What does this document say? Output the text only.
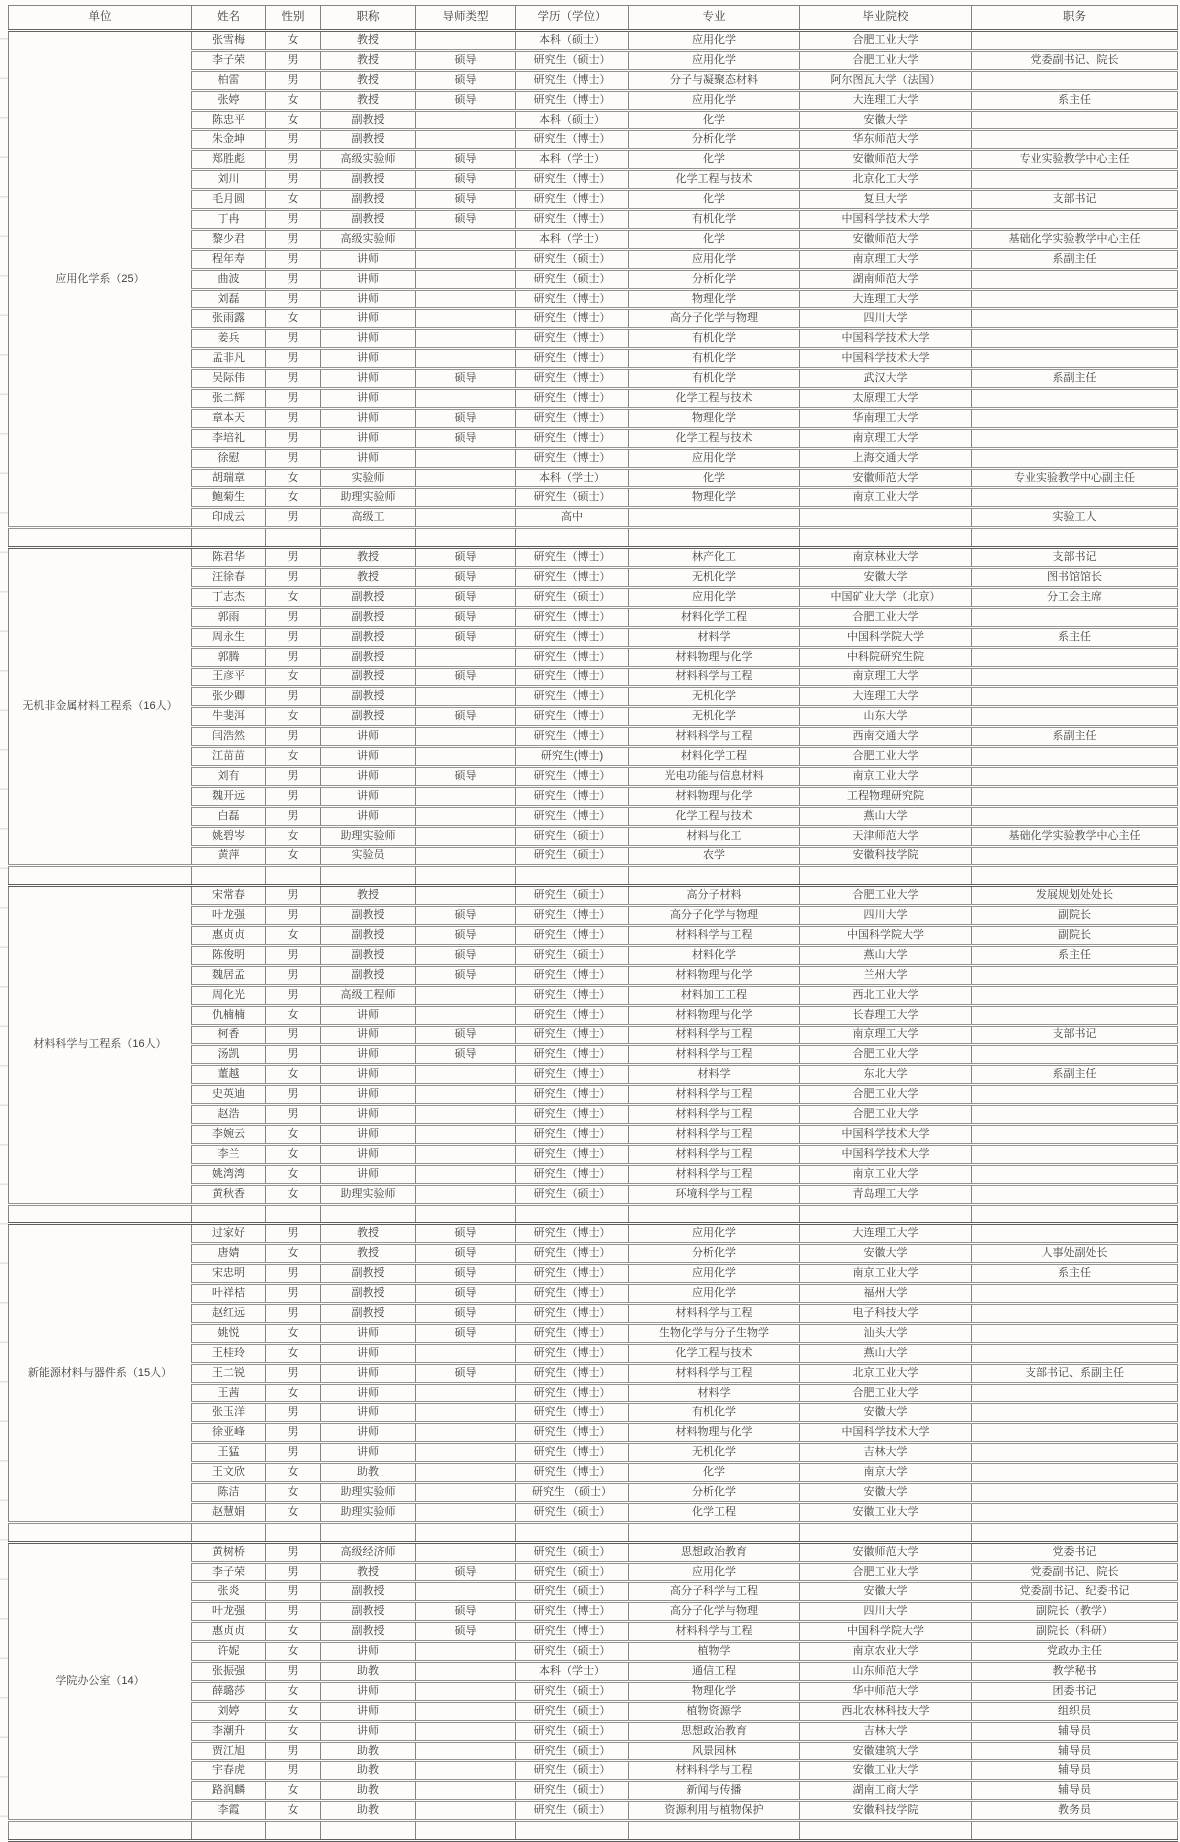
单位	姓名	性别	职称	导师类型	学历（学位）	专业	毕业院校	职务
应用化学系（25）	张雪梅	女	教授		本科（硕士）	应用化学	合肥工业大学	
	李子荣	男	教授	硕导	研究生（硕士）	应用化学	合肥工业大学	党委副书记、院长
	柏雷	男	教授	硕导	研究生（博士）	分子与凝聚态材料	阿尔图瓦大学（法国）	
	张婷	女	教授	硕导	研究生（博士）	应用化学	大连理工大学	系主任
	陈忠平	女	副教授		本科（硕士）	化学	安徽大学	
	朱金坤	男	副教授		研究生（博士）	分析化学	华东师范大学	
	郑胜彪	男	高级实验师	硕导	本科（学士）	化学	安徽师范大学	专业实验教学中心主任
	刘川	男	副教授	硕导	研究生（博士）	化学工程与技术	北京化工大学	
	毛月圆	女	副教授	硕导	研究生（博士）	化学	复旦大学	支部书记
	丁冉	男	副教授	硕导	研究生（博士）	有机化学	中国科学技术大学	
	黎少君	男	高级实验师		本科（学士）	化学	安徽师范大学	基础化学实验教学中心主任
	程年寿	男	讲师		研究生（硕士）	应用化学	南京理工大学	系副主任
	曲波	男	讲师		研究生（硕士）	分析化学	湖南师范大学	
	刘磊	男	讲师		研究生（博士）	物理化学	大连理工大学	
	张雨露	女	讲师		研究生（博士）	高分子化学与物理	四川大学	
	姜兵	男	讲师		研究生（博士）	有机化学	中国科学技术大学	
	孟非凡	男	讲师		研究生（博士）	有机化学	中国科学技术大学	
	吴际伟	男	讲师	硕导	研究生（博士）	有机化学	武汉大学	系副主任
	张二辉	男	讲师		研究生（博士）	化学工程与技术	太原理工大学	
	章本天	男	讲师	硕导	研究生（博士）	物理化学	华南理工大学	
	李培礼	男	讲师	硕导	研究生（博士）	化学工程与技术	南京理工大学	
	徐慰	男	讲师		研究生（博士）	应用化学	上海交通大学	
	胡瑞章	女	实验师		本科（学士）	化学	安徽师范大学	专业实验教学中心副主任
	鲍菊生	女	助理实验师		研究生（硕士）	物理化学	南京工业大学	
	印成云	男	高级工		高中			实验工人

无机非金属材料工程系（16人）	陈君华	男	教授	硕导	研究生（博士）	林产化工	南京林业大学	支部书记
	汪徐春	男	教授	硕导	研究生（博士）	无机化学	安徽大学	图书馆馆长
	丁志杰	女	副教授	硕导	研究生（硕士）	应用化学	中国矿业大学（北京）	分工会主席
	郭雨	男	副教授	硕导	研究生（博士）	材料化学工程	合肥工业大学	
	周永生	男	副教授	硕导	研究生（博士）	材料学	中国科学院大学	系主任
	郭腾	男	副教授		研究生（博士）	材料物理与化学	中科院研究生院	
	王彦平	女	副教授	硕导	研究生（博士）	材料科学与工程	南京理工大学	
	张少卿	男	副教授		研究生（博士）	无机化学	大连理工大学	
	牛斐洱	女	副教授	硕导	研究生（博士）	无机化学	山东大学	
	闫浩然	男	讲师		研究生（博士）	材料科学与工程	西南交通大学	系副主任
	江苗苗	女	讲师		研究生(博士)	材料化学工程	合肥工业大学	
	刘有	男	讲师	硕导	研究生（博士）	光电功能与信息材料	南京工业大学	
	魏开远	男	讲师		研究生（博士）	材料物理与化学	工程物理研究院	
	白磊	男	讲师		研究生（博士）	化学工程与技术	燕山大学	
	姚碧岑	女	助理实验师		研究生（硕士）	材料与化工	天津师范大学	基础化学实验教学中心主任
	黄萍	女	实验员		研究生（硕士）	农学	安徽科技学院	

材料科学与工程系（16人）	宋常春	男	教授		研究生（硕士）	高分子材料	合肥工业大学	发展规划处处长
	叶龙强	男	副教授	硕导	研究生（博士）	高分子化学与物理	四川大学	副院长
	惠贞贞	女	副教授	硕导	研究生（博士）	材料科学与工程	中国科学院大学	副院长
	陈俊明	男	副教授	硕导	研究生（硕士）	材料化学	燕山大学	系主任
	魏居孟	男	副教授	硕导	研究生（博士）	材料物理与化学	兰州大学	
	周化光	男	高级工程师		研究生（博士）	材料加工工程	西北工业大学	
	仇楠楠	女	讲师		研究生（博士）	材料物理与化学	长春理工大学	
	柯香	男	讲师	硕导	研究生（博士）	材料科学与工程	南京理工大学	支部书记
	汤凯	男	讲师	硕导	研究生（博士）	材料科学与工程	合肥工业大学	
	董越	女	讲师		研究生（博士）	材料学	东北大学	系副主任
	史英迪	男	讲师		研究生（博士）	材料科学与工程	合肥工业大学	
	赵浩	男	讲师		研究生（博士）	材料科学与工程	合肥工业大学	
	李婉云	女	讲师		研究生（博士）	材料科学与工程	中国科学技术大学	
	李兰	女	讲师		研究生（博士）	材料科学与工程	中国科学技术大学	
	姚湾湾	女	讲师		研究生（博士）	材料科学与工程	南京工业大学	
	黄秋香	女	助理实验师		研究生（硕士）	环境科学与工程	青岛理工大学	

新能源材料与器件系（15人）	过家好	男	教授	硕导	研究生（博士）	应用化学	大连理工大学	
	唐婧	女	教授	硕导	研究生（博士）	分析化学	安徽大学	人事处副处长
	宋忠明	男	副教授	硕导	研究生（博士）	应用化学	南京工业大学	系主任
	叶祥桔	男	副教授	硕导	研究生（博士）	应用化学	福州大学	
	赵红远	男	副教授	硕导	研究生（博士）	材料科学与工程	电子科技大学	
	姚悦	女	讲师	硕导	研究生（博士）	生物化学与分子生物学	汕头大学	
	王桂玲	女	讲师		研究生（博士）	化学工程与技术	燕山大学	
	王二锐	男	讲师	硕导	研究生（博士）	材料科学与工程	北京工业大学	支部书记、系副主任
	王茜	女	讲师		研究生（博士）	材料学	合肥工业大学	
	张玉洋	男	讲师		研究生（博士）	有机化学	安徽大学	
	徐亚峰	男	讲师		研究生（博士）	材料物理与化学	中国科学技术大学	
	王猛	男	讲师		研究生（博士）	无机化学	吉林大学	
	王文欣	女	助教		研究生（博士）	化学	南京大学	
	陈洁	女	助理实验师		研究生 （硕士）	分析化学	安徽大学	
	赵慧娟	女	助理实验师		研究生（硕士）	化学工程	安徽工业大学	

学院办公室（14）	黄树桥	男	高级经济师		研究生（硕士）	思想政治教育	安徽师范大学	党委书记
	李子荣	男	教授	硕导	研究生（硕士）	应用化学	合肥工业大学	党委副书记、院长
	张炎	男	副教授		研究生（硕士）	高分子科学与工程	安徽大学	党委副书记、纪委书记
	叶龙强	男	副教授	硕导	研究生（博士）	高分子化学与物理	四川大学	副院长（教学）
	惠贞贞	女	副教授	硕导	研究生（博士）	材料科学与工程	中国科学院大学	副院长（科研）
	许妮	女	讲师		研究生（硕士）	植物学	南京农业大学	党政办主任
	张振强	男	助教		本科（学士）	通信工程	山东师范大学	教学秘书
	薛璐莎	女	讲师		研究生（硕士）	物理化学	华中师范大学	团委书记
	刘婷	女	讲师		研究生（硕士）	植物资源学	西北农林科技大学	组织员
	李潮升	女	讲师		研究生（硕士）	思想政治教育	吉林大学	辅导员
	贾江旭	男	助教		研究生（硕士）	风景园林	安徽建筑大学	辅导员
	宇春虎	男	助教		研究生（硕士）	材料科学与工程	安徽工业大学	辅导员
	路润麟	女	助教		研究生（硕士）	新闻与传播	湖南工商大学	辅导员
	李霞	女	助教		研究生（硕士）	资源利用与植物保护	安徽科技学院	教务员
